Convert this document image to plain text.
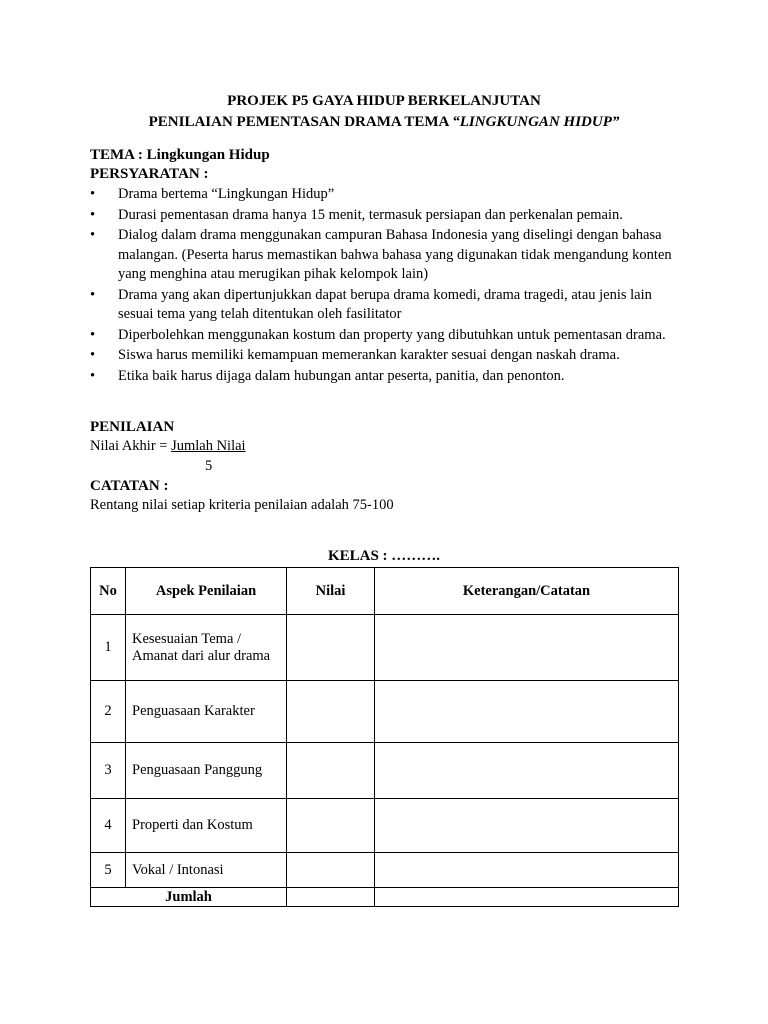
PROJEK P5 GAYA HIDUP BERKELANJUTAN
PENILAIAN PEMENTASAN DRAMA TEMA “LINGKUNGAN HIDUP”
TEMA : Lingkungan Hidup
PERSYARATAN :
•	Drama bertema “Lingkungan Hidup”
•	Durasi pementasan drama hanya 15 menit, termasuk persiapan dan perkenalan pemain.
•	Dialog dalam drama menggunakan campuran Bahasa Indonesia yang diselingi dengan bahasa malangan. (Peserta harus memastikan bahwa bahasa yang digunakan tidak mengandung konten yang menghina atau merugikan pihak kelompok lain)
•	Drama yang akan dipertunjukkan dapat berupa drama komedi, drama tragedi, atau jenis lain sesuai tema yang telah ditentukan oleh fasilitator
•	Diperbolehkan menggunakan kostum dan property yang dibutuhkan untuk pementasan drama.
•	Siswa harus memiliki kemampuan memerankan karakter sesuai dengan naskah drama.
•	Etika baik harus dijaga dalam hubungan antar peserta, panitia, dan penonton.
PENILAIAN
Nilai Akhir = Jumlah Nilai
5
CATATAN :
Rentang nilai setiap kriteria penilaian adalah 75-100
KELAS : ……….
No	Aspek Penilaian	Nilai	Keterangan/Catatan
1	Kesesuaian Tema / Amanat dari alur drama		
2	Penguasaan Karakter		
3	Penguasaan Panggung		
4	Properti dan Kostum		
5	Vokal / Intonasi		
Jumlah			
